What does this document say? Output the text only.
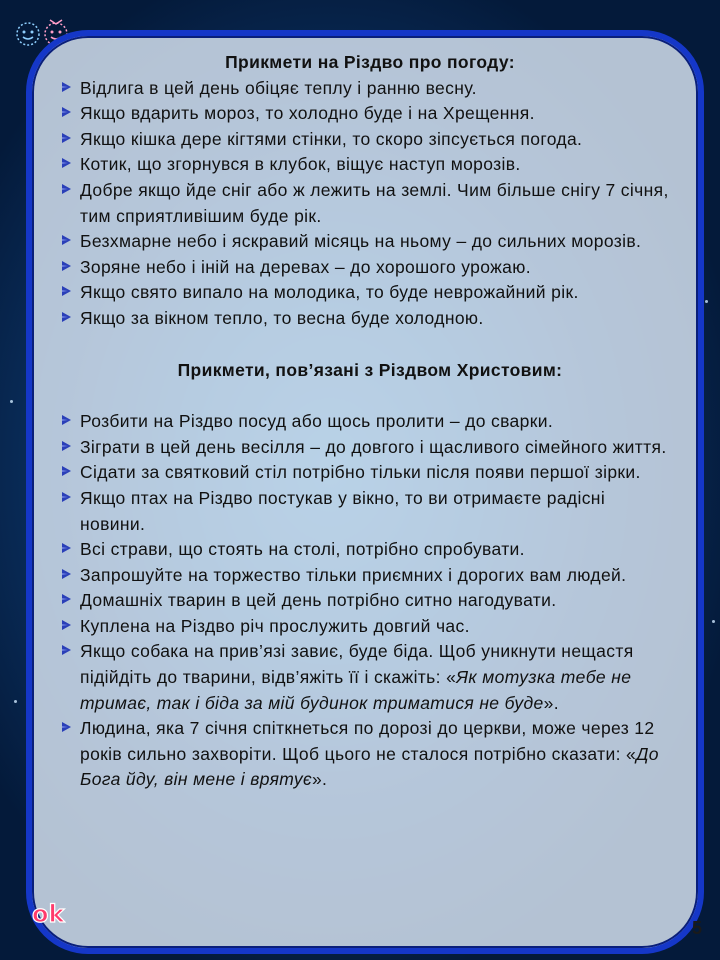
Прикмети на Різдво про погоду:

Відлига в цей день обіцяє теплу і ранню весну.
Якщо вдарить мороз, то холодно буде і на Хрещення.
Якщо кішка дере кігтями стінки, то скоро зіпсується погода.
Котик, що згорнувся в клубок, віщує наступ морозів.
Добре якщо йде сніг або ж лежить на землі. Чим більше снігу 7 січня, тим сприятливішим буде рік.
Безхмарне небо і яскравий місяць на ньому – до сильних морозів.
Зоряне небо і іній на деревах – до хорошого урожаю.
Якщо свято випало на молодика, то буде неврожайний рік.
Якщо за вікном тепло, то весна буде холодною.

Прикмети, пов’язані з Різдвом Христовим:

Розбити на Різдво посуд або щось пролити – до сварки.
Зіграти в цей день весілля – до довгого і щасливого сімейного життя.
Сідати за святковий стіл потрібно тільки після появи першої зірки.
Якщо птах на Різдво постукав у вікно, то ви отримаєте радісні новини.
Всі страви, що стоять на столі, потрібно спробувати.
Запрошуйте на торжество тільки приємних і дорогих вам людей.
Домашніх тварин в цей день потрібно ситно нагодувати.
Куплена на Різдво річ прослужить довгий час.
Якщо собака на прив’язі завиє, буде біда. Щоб уникнути нещастя підійдіть до тварини, відв’яжіть її і скажіть: «Як мотузка тебе не тримає, так і біда за мій будинок триматися не буде».
Людина, яка 7 січня спіткнеться по дорозі до церкви, може через 12 років сильно захворіти. Щоб цього не сталося потрібно сказати: «До Бога йду, він мене і врятує».
ok	5
